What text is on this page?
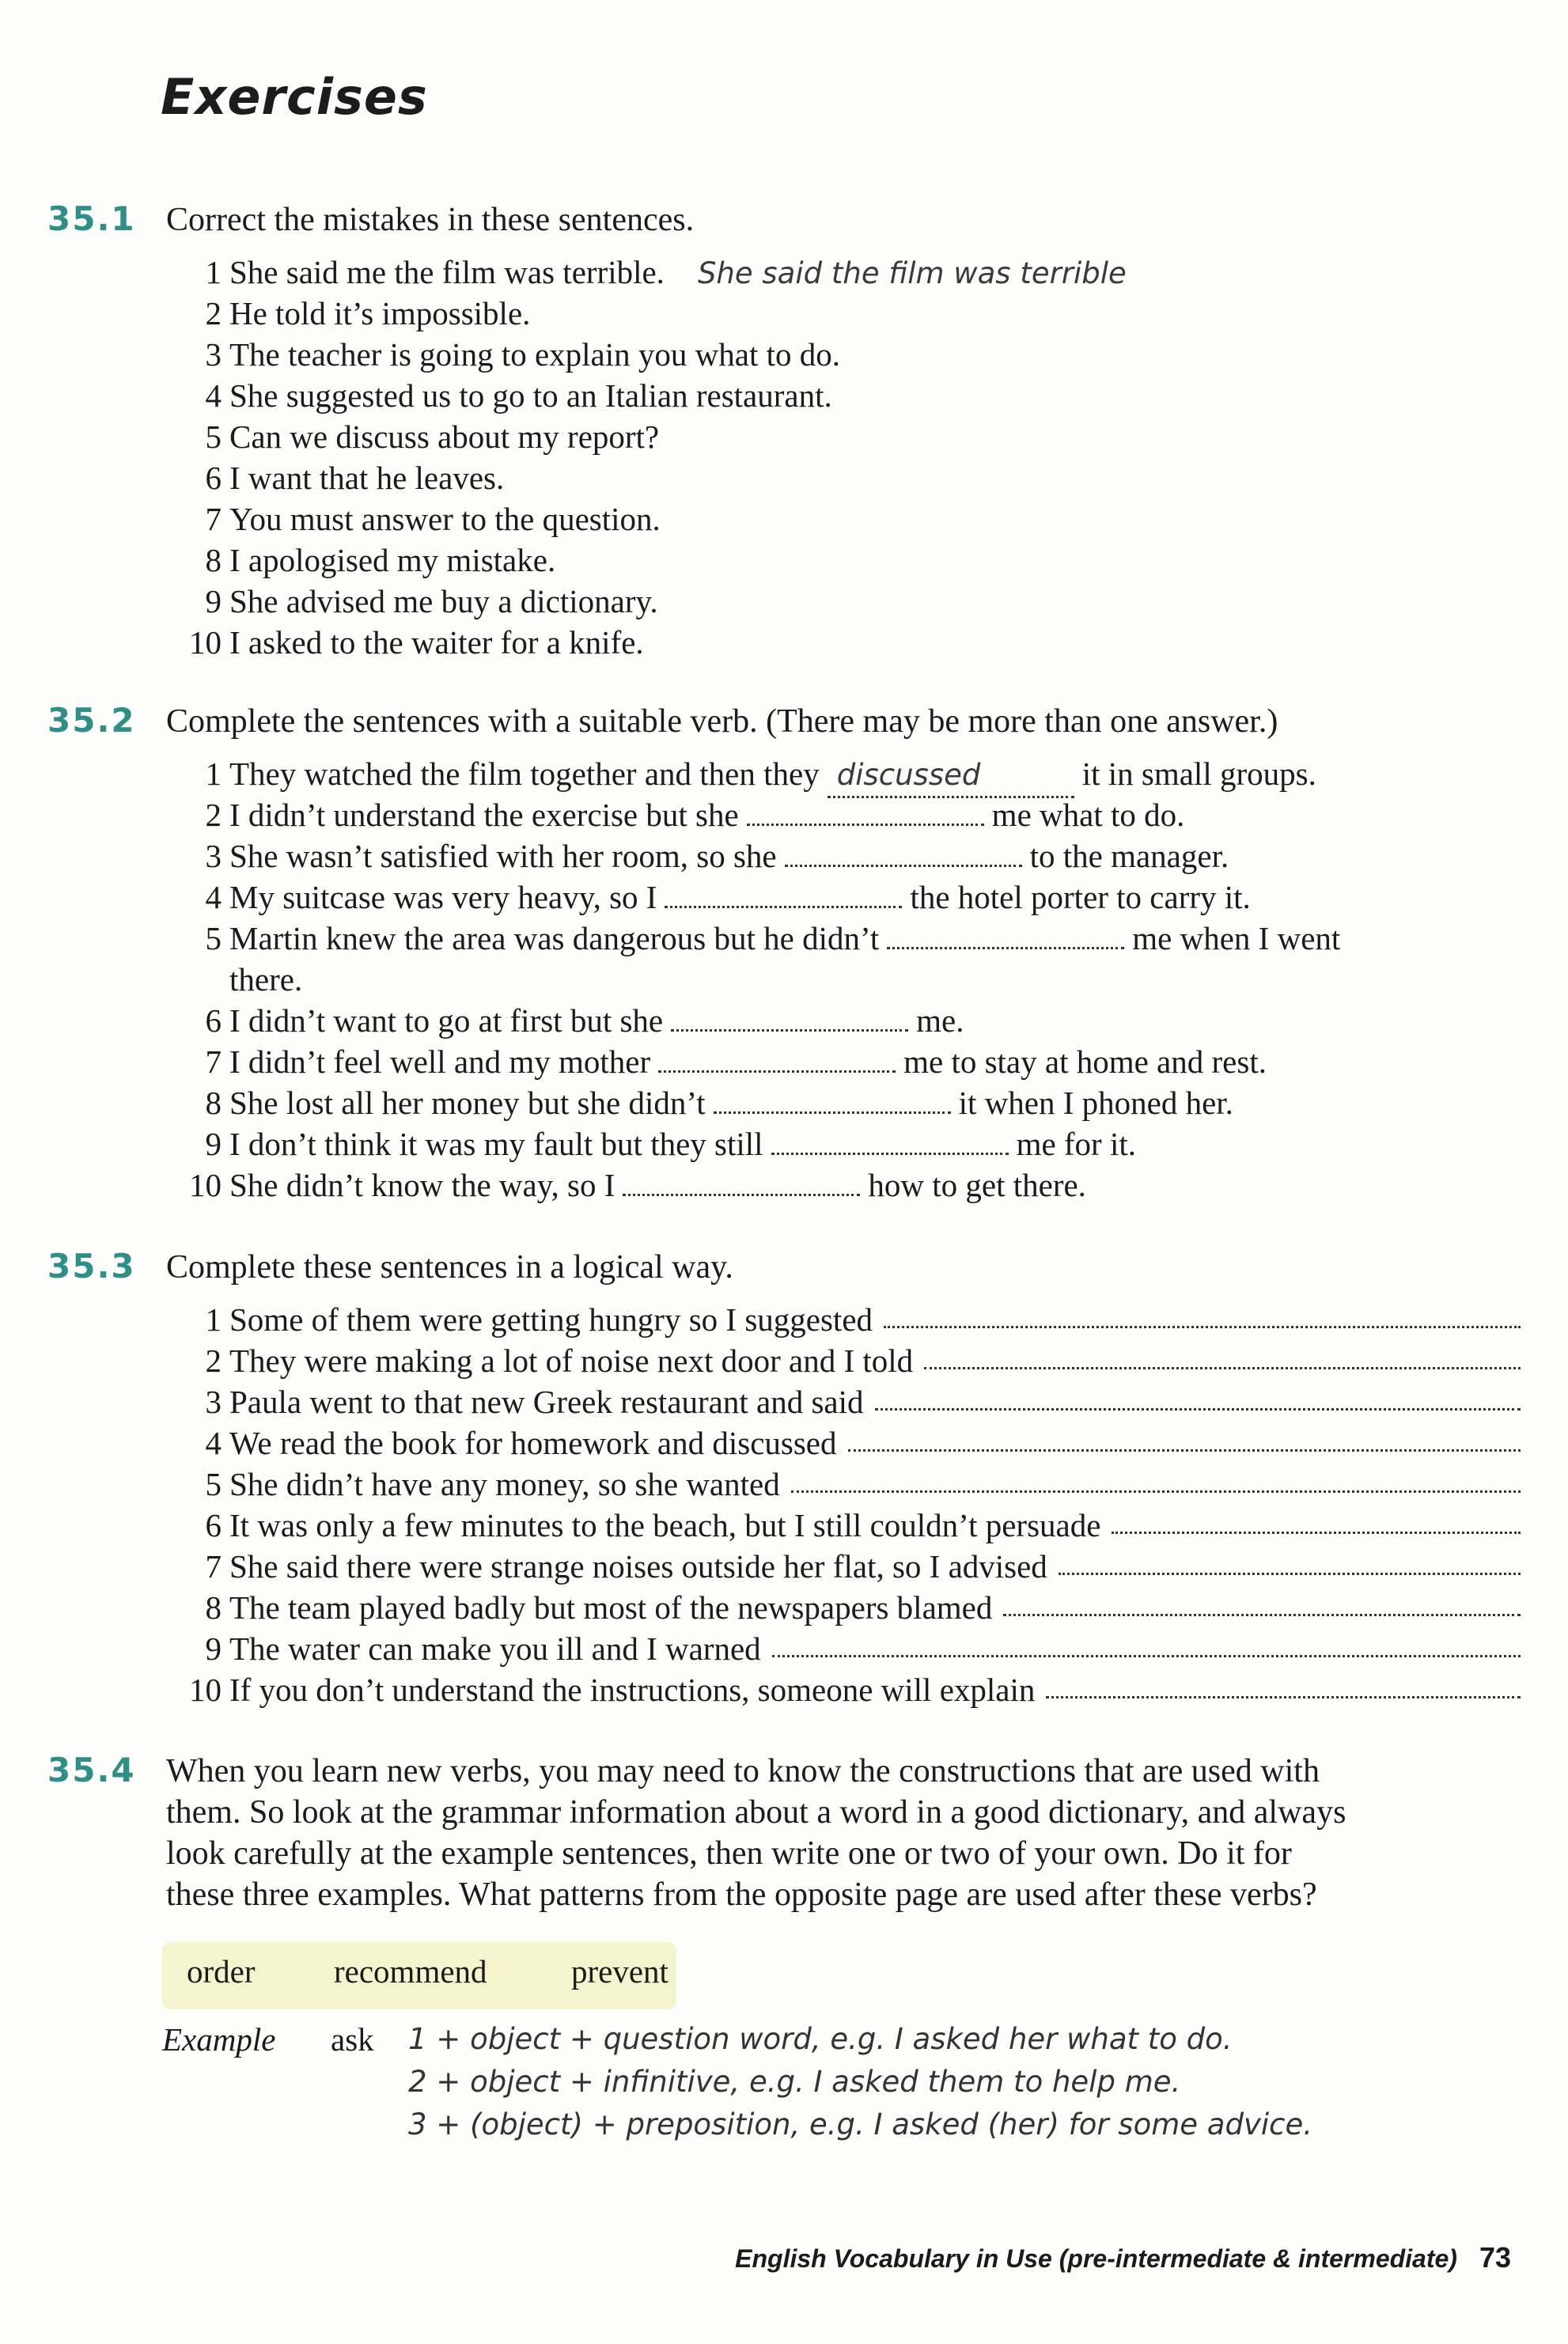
Exercises
35.1 Correct the mistakes in these sentences.
1 She said me the film was terrible. She said the film was terrible
2 He told it’s impossible.
3 The teacher is going to explain you what to do.
4 She suggested us to go to an Italian restaurant.
5 Can we discuss about my report?
6 I want that he leaves.
7 You must answer to the question.
8 I apologised my mistake.
9 She advised me buy a dictionary.
10 I asked to the waiter for a knife.
35.2 Complete the sentences with a suitable verb. (There may be more than one answer.)
1 They watched the film together and then they discussed	it in small groups.
2 I didn’t understand the exercise but she	me what to do.
3 She wasn’t satisfied with her room, so she	to the manager.
4 My suitcase was very heavy, so I	the hotel porter to carry it.
5 Martin knew the area was dangerous but he didn’t	me when I went
there.
6 I didn’t want to go at first but she	me.
7 I didn’t feel well and my mother	me to stay at home and rest.
8 She lost all her money but she didn’t	it when I phoned her.
9 I don’t think it was my fault but they still	me for it.
10 She didn’t know the way, so I	how to get there.
35.3 Complete these sentences in a logical way.
1 Some of them were getting hungry so I suggested
2 They were making a lot of noise next door and I told
3 Paula went to that new Greek restaurant and said
4 We read the book for homework and discussed
5 She didn’t have any money, so she wanted
6 It was only a few minutes to the beach, but I still couldn’t persuade
7 She said there were strange noises outside her flat, so I advised
8 The team played badly but most of the newspapers blamed
9 The water can make you ill and I warned
10 If you don’t understand the instructions, someone will explain
35.4 When you learn new verbs, you may need to know the constructions that are used with
them. So look at the grammar information about a word in a good dictionary, and always
look carefully at the example sentences, then write one or two of your own. Do it for
these three examples. What patterns from the opposite page are used after these verbs?
order recommend	prevent
Example ask 1 + object + question word, e.g. I asked her what to do.
2 + object + infinitive, e.g. I asked them to help me.
3 + (object) + preposition, e.g. I asked (her) for some advice.
English Vocabulary in Use (pre-intermediate & intermediate) 73
